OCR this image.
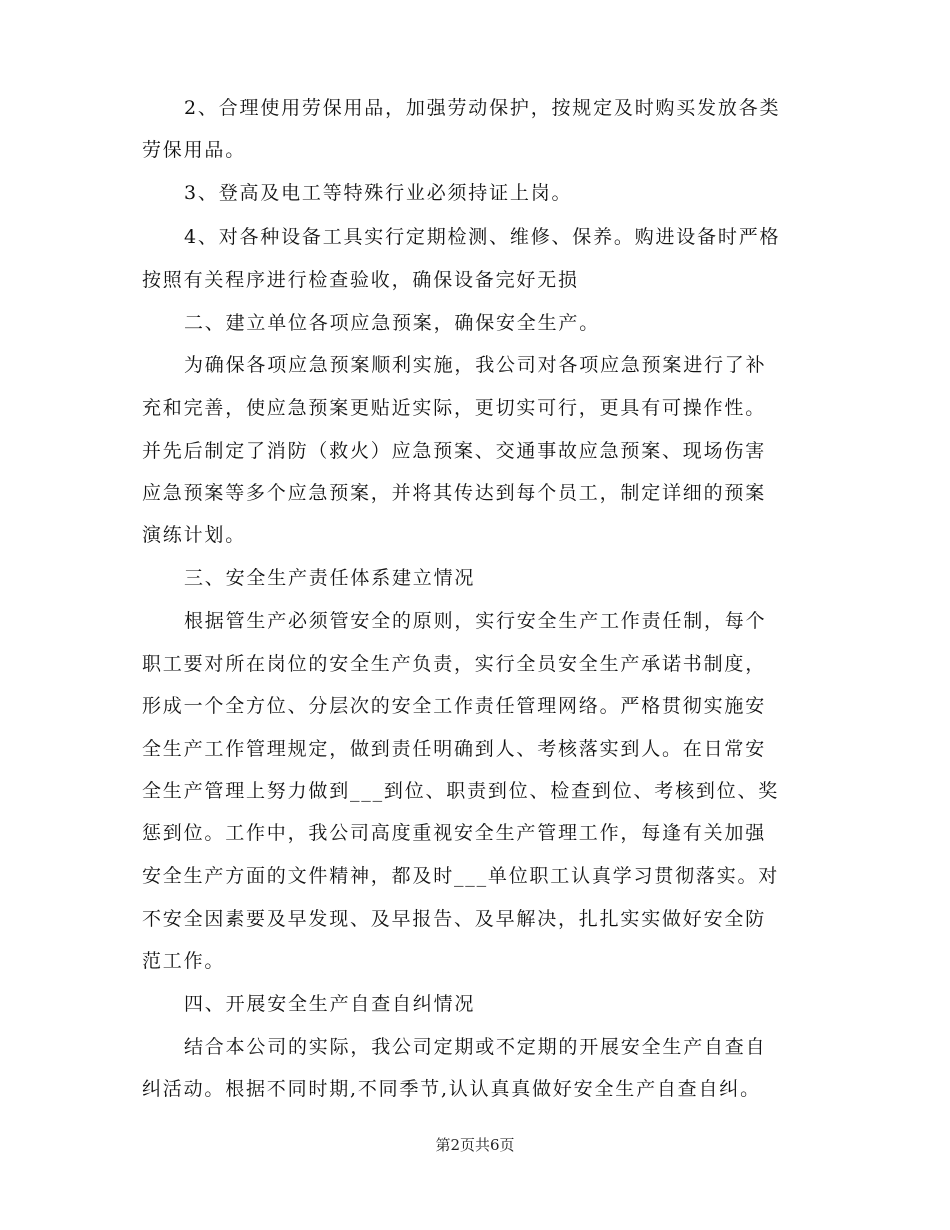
2、合理使用劳保用品，加强劳动保护，按规定及时购买发放各类
劳保用品。
3、登高及电工等特殊行业必须持证上岗。
4、对各种设备工具实行定期检测、维修、保养。购进设备时严格
按照有关程序进行检查验收，确保设备完好无损
二、建立单位各项应急预案，确保安全生产。
为确保各项应急预案顺利实施，我公司对各项应急预案进行了补
充和完善，使应急预案更贴近实际，更切实可行，更具有可操作性。
并先后制定了消防（救火）应急预案、交通事故应急预案、现场伤害
应急预案等多个应急预案，并将其传达到每个员工，制定详细的预案
演练计划。
三、安全生产责任体系建立情况
根据管生产必须管安全的原则，实行安全生产工作责任制，每个
职工要对所在岗位的安全生产负责，实行全员安全生产承诺书制度，
形成一个全方位、分层次的安全工作责任管理网络。严格贯彻实施安
全生产工作管理规定，做到责任明确到人、考核落实到人。在日常安
全生产管理上努力做到___到位、职责到位、检查到位、考核到位、奖
惩到位。工作中，我公司高度重视安全生产管理工作，每逢有关加强
安全生产方面的文件精神，都及时___单位职工认真学习贯彻落实。对
不安全因素要及早发现、及早报告、及早解决，扎扎实实做好安全防
范工作。
四、开展安全生产自查自纠情况
结合本公司的实际，我公司定期或不定期的开展安全生产自查自
纠活动。根据不同时期,不同季节,认认真真做好安全生产自查自纠。
第2页共6页
